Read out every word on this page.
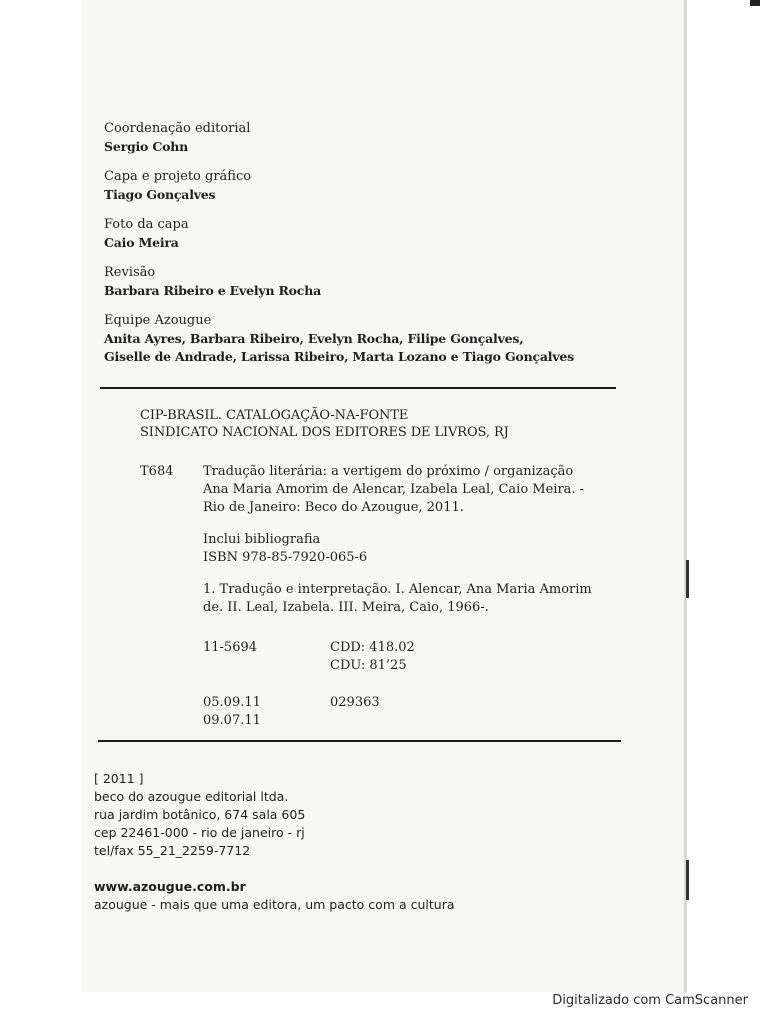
Coordenação editorial
Sergio Cohn
Capa e projeto gráfico
Tiago Gonçalves
Foto da capa
Caio Meira
Revisão
Barbara Ribeiro e Evelyn Rocha
Equipe Azougue
Anita Ayres, Barbara Ribeiro, Evelyn Rocha, Filipe Gonçalves,
Giselle de Andrade, Larissa Ribeiro, Marta Lozano e Tiago Gonçalves
CIP-BRASIL. CATALOGAÇÃO-NA-FONTE
SINDICATO NACIONAL DOS EDITORES DE LIVROS, RJ
T684 Tradução literária: a vertigem do próximo / organização
Ana Maria Amorim de Alencar, Izabela Leal, Caio Meira. -
Rio de Janeiro: Beco do Azougue, 2011.
Inclui bibliografia
ISBN 978-85-7920-065-6
1. Tradução e interpretação. I. Alencar, Ana Maria Amorim
de. II. Leal, Izabela. III. Meira, Caio, 1966-.
11-5694	CDD: 418.02
CDU: 81’25
05.09.11
09.07.11
029363
[ 2011 ]
beco do azougue editorial ltda.
rua jardim botânico, 674 sala 605
cep 22461-000 - rio de janeiro - rj
tel/fax 55_21_2259-7712
www.azougue.com.br
azougue - mais que uma editora, um pacto com a cultura
Digitalizado com CamScanner
